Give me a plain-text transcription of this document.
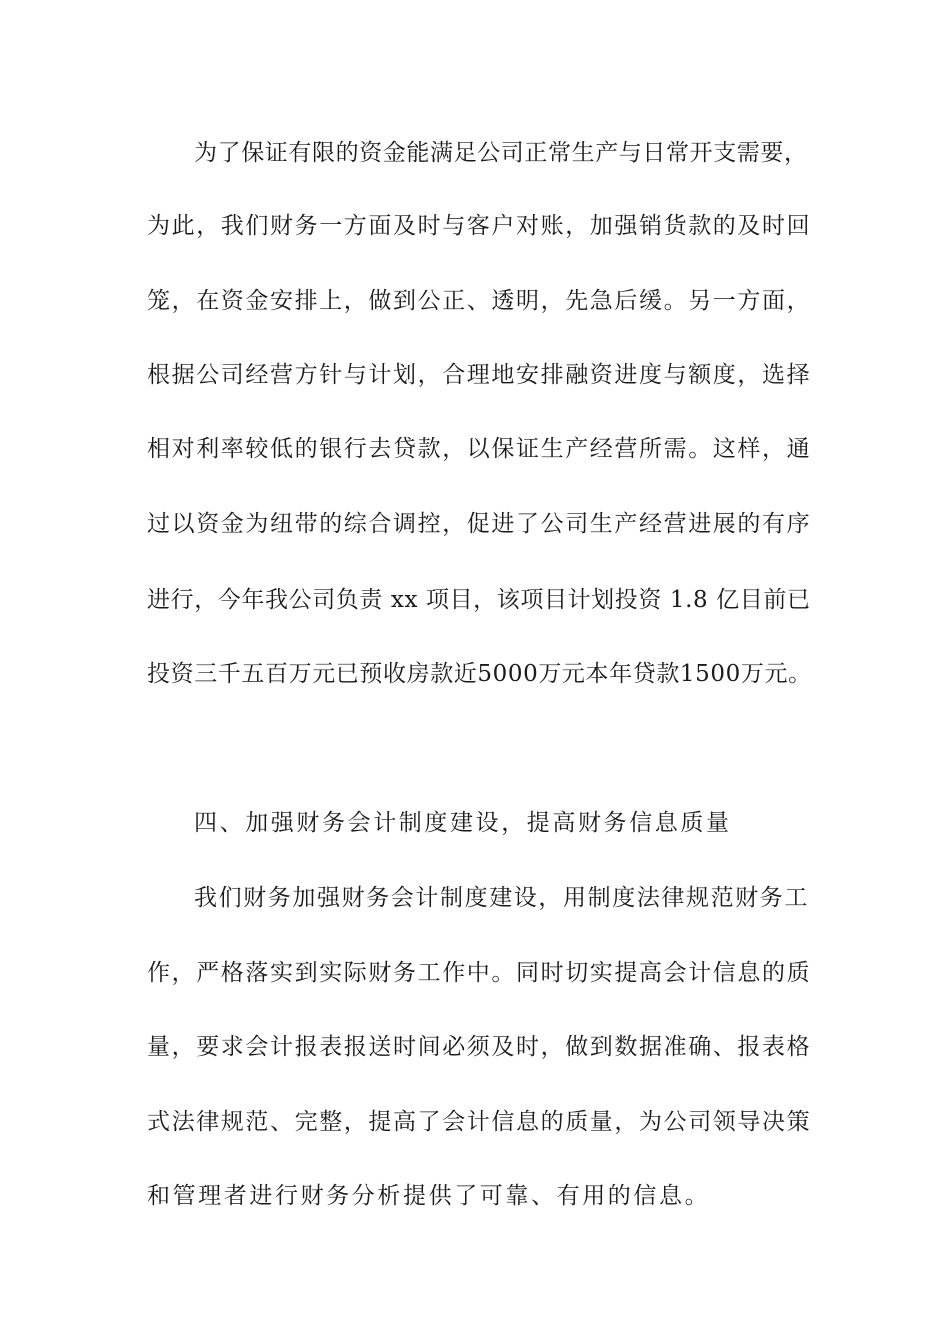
为了保证有限的资金能满足公司正常生产与日常开支需要，
为此，我们财务一方面及时与客户对账，加强销货款的及时回
笼，在资金安排上，做到公正、透明，先急后缓。另一方面，
根据公司经营方针与计划，合理地安排融资进度与额度，选择
相对利率较低的银行去贷款，以保证生产经营所需。这样，通
过以资金为纽带的综合调控，促进了公司生产经营进展的有序
进行，今年我公司负责 xx 项目，该项目计划投资 1.8 亿目前已
投资三千五百万元已预收房款近5000万元本年贷款1500万元。
四、加强财务会计制度建设，提高财务信息质量
我们财务加强财务会计制度建设，用制度法律规范财务工
作，严格落实到实际财务工作中。同时切实提高会计信息的质
量，要求会计报表报送时间必须及时，做到数据准确、报表格
式法律规范、完整，提高了会计信息的质量，为公司领导决策
和管理者进行财务分析提供了可靠、有用的信息。
